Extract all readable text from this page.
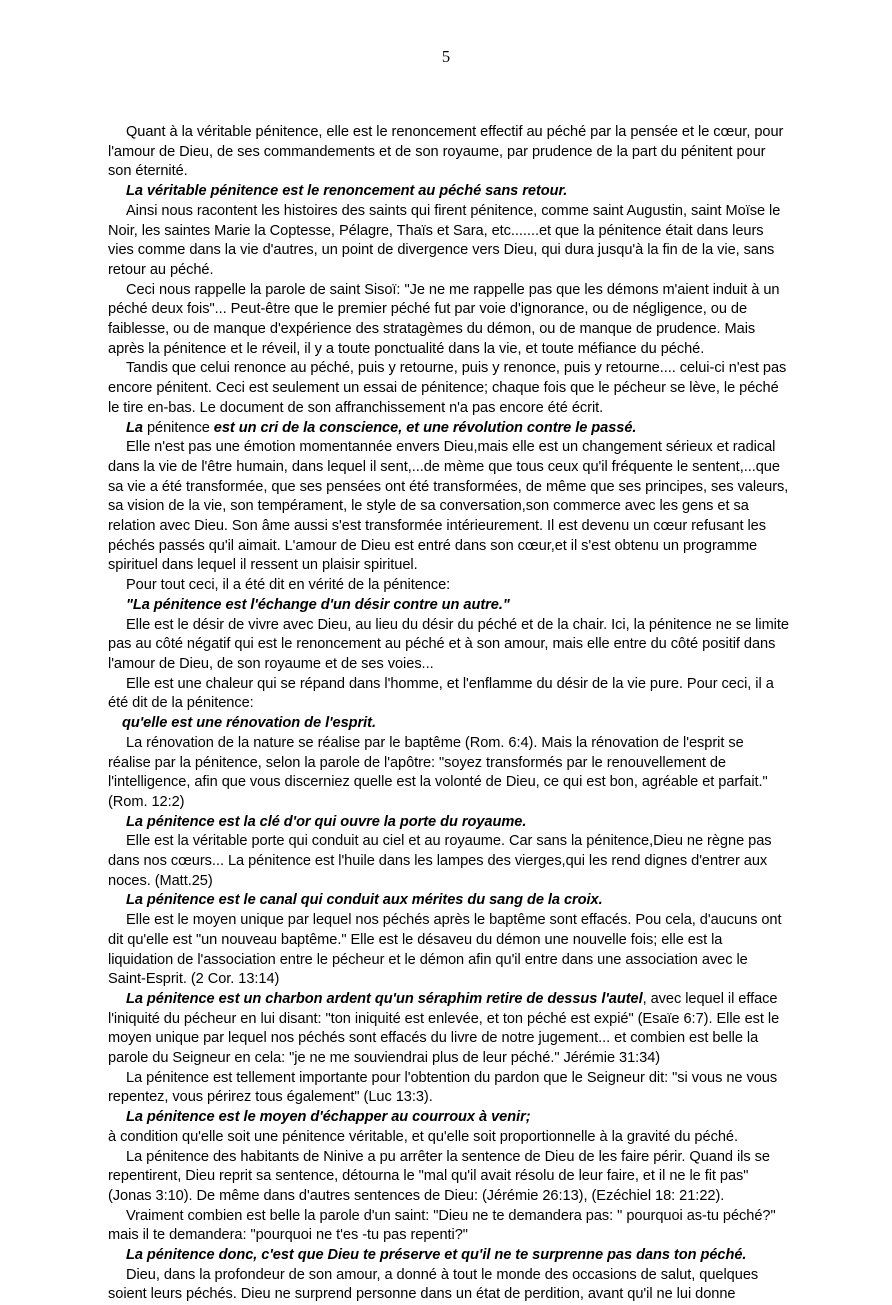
5

Quant à la véritable pénitence, elle est le renoncement effectif au péché par la pensée et le cœur, pour l'amour de Dieu, de ses commandements et de son royaume, par prudence de la part du pénitent pour son éternité.

La véritable pénitence est le renoncement au péché sans retour.

Ainsi nous racontent les histoires des saints qui firent pénitence, comme saint Augustin, saint Moïse le Noir, les saintes Marie la Coptesse, Pélagre, Thaïs et Sara, etc.......et que la pénitence était dans leurs vies comme dans la vie d'autres, un point de divergence vers Dieu, qui dura jusqu'à la fin de la vie, sans retour au péché.

Ceci nous rappelle la parole de saint Sisoï: "Je ne me rappelle pas que les démons m'aient induit à un péché deux fois"... Peut-être que le premier péché fut par voie d'ignorance, ou de négligence, ou de faiblesse, ou de manque d'expérience des stratagèmes du démon, ou de manque de prudence. Mais après la pénitence et le réveil, il y a toute ponctualité dans la vie, et toute méfiance du péché.

Tandis que celui renonce au péché, puis y retourne, puis y renonce, puis y retourne.... celui-ci n'est pas encore pénitent. Ceci est seulement un essai de pénitence; chaque fois que le pécheur se lève, le péché le tire en-bas. Le document de son affranchissement n'a pas encore été écrit.

La pénitence est un cri de la conscience, et une révolution contre le passé.

Elle n'est pas une émotion momentannée envers Dieu,mais elle est un changement sérieux et radical dans la vie de l'être humain, dans lequel il sent,...de mème que tous ceux qu'il fréquente le sentent,...que sa vie a été transformée, que ses pensées ont été transformées, de même que ses principes, ses valeurs, sa vision de la vie, son tempérament, le style de sa conversation,son commerce avec les gens et sa relation avec Dieu. Son âme aussi s'est transformée intérieurement. Il est devenu un cœur refusant les péchés passés qu'il aimait. L'amour de Dieu est entré dans son cœur,et il s'est obtenu un programme spirituel dans lequel il ressent un plaisir spirituel.

Pour tout ceci, il a été dit en vérité de la pénitence:

"La pénitence est l'échange d'un désir contre un autre."

Elle est le désir de vivre avec Dieu, au lieu du désir du péché et de la chair. Ici, la pénitence ne se limite pas au côté négatif qui est le renoncement au péché et à son amour, mais elle entre du côté positif dans l'amour de Dieu, de son royaume et de ses voies...

Elle est une chaleur qui se répand dans l'homme, et l'enflamme du désir de la vie pure. Pour ceci, il a été dit de la pénitence:

qu'elle est une rénovation de l'esprit.

La rénovation de la nature se réalise par le baptême (Rom. 6:4). Mais la rénovation de l'esprit se réalise par la pénitence, selon la parole de l'apôtre: "soyez transformés par le renouvellement de l'intelligence, afin que vous discerniez quelle est la volonté de Dieu, ce qui est bon, agréable et parfait." (Rom. 12:2)

La pénitence est la clé d'or qui ouvre la porte du royaume.

Elle est la véritable porte qui conduit au ciel et au royaume. Car sans la pénitence,Dieu ne règne pas dans nos cœurs... La pénitence est l'huile dans les lampes des vierges,qui les rend dignes d'entrer aux noces. (Matt.25)

La pénitence est le canal qui conduit aux mérites du sang de la croix.

Elle est le moyen unique par lequel nos péchés après le baptême sont effacés. Pou cela, d'aucuns ont dit qu'elle est "un nouveau baptême." Elle est le désaveu du démon une nouvelle fois; elle est la liquidation de l'association entre le pécheur et le démon afin qu'il entre dans une association avec le Saint-Esprit. (2 Cor. 13:14)

La pénitence est un charbon ardent qu'un séraphim retire de dessus l'autel, avec lequel il efface l'iniquité du pécheur en lui disant: "ton iniquité est enlevée, et ton péché est expié" (Esaïe 6:7). Elle est le moyen unique par lequel nos péchés sont effacés du livre de notre jugement... et combien est belle la parole du Seigneur en cela: "je ne me souviendrai plus de leur péché." Jérémie 31:34)

La pénitence est tellement importante pour l'obtention du pardon que le Seigneur dit: "si vous ne vous repentez, vous périrez tous également" (Luc 13:3).

La pénitence est le moyen d'échapper au courroux à venir;

à condition qu'elle soit une pénitence véritable, et qu'elle soit proportionnelle à la gravité du péché.

La pénitence des habitants de Ninive a pu arrêter la sentence de Dieu de les faire périr. Quand ils se repentirent, Dieu reprit sa sentence, détourna le "mal qu'il avait résolu de leur faire, et il ne le fit pas" (Jonas 3:10). De même dans d'autres sentences de Dieu: (Jérémie 26:13), (Ezéchiel 18: 21:22).

Vraiment combien est belle la parole d'un saint: "Dieu ne te demandera pas: " pourquoi as-tu péché?" mais il te demandera: "pourquoi ne t'es -tu pas repenti?"

La pénitence donc, c'est que Dieu te préserve et qu'il ne te surprenne pas dans ton péché.

Dieu, dans la profondeur de son amour, a donné à tout le monde des occasions de salut, quelques soient leurs péchés. Dieu ne surprend personne dans un état de perdition, avant qu'il ne lui donne
